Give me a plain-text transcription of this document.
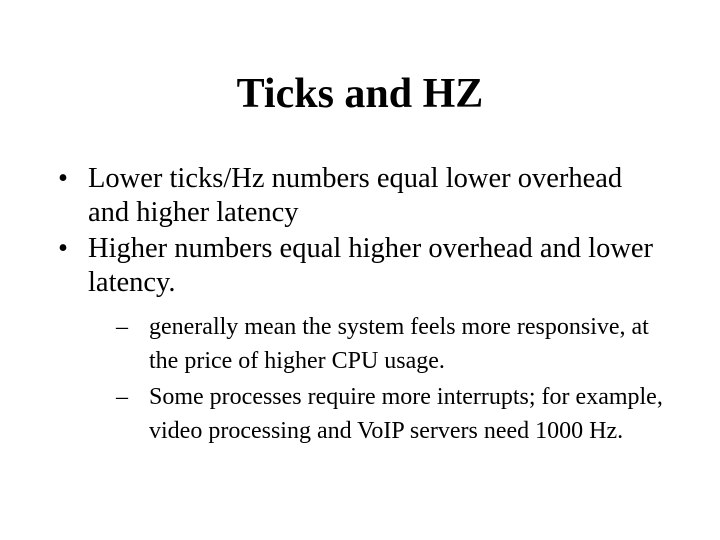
Ticks and HZ
• Lower ticks/Hz numbers equal lower overhead and higher latency
• Higher numbers equal higher overhead and lower latency.
– generally mean the system feels more responsive, at the price of higher CPU usage.
– Some processes require more interrupts; for example, video processing and VoIP servers need 1000 Hz.
